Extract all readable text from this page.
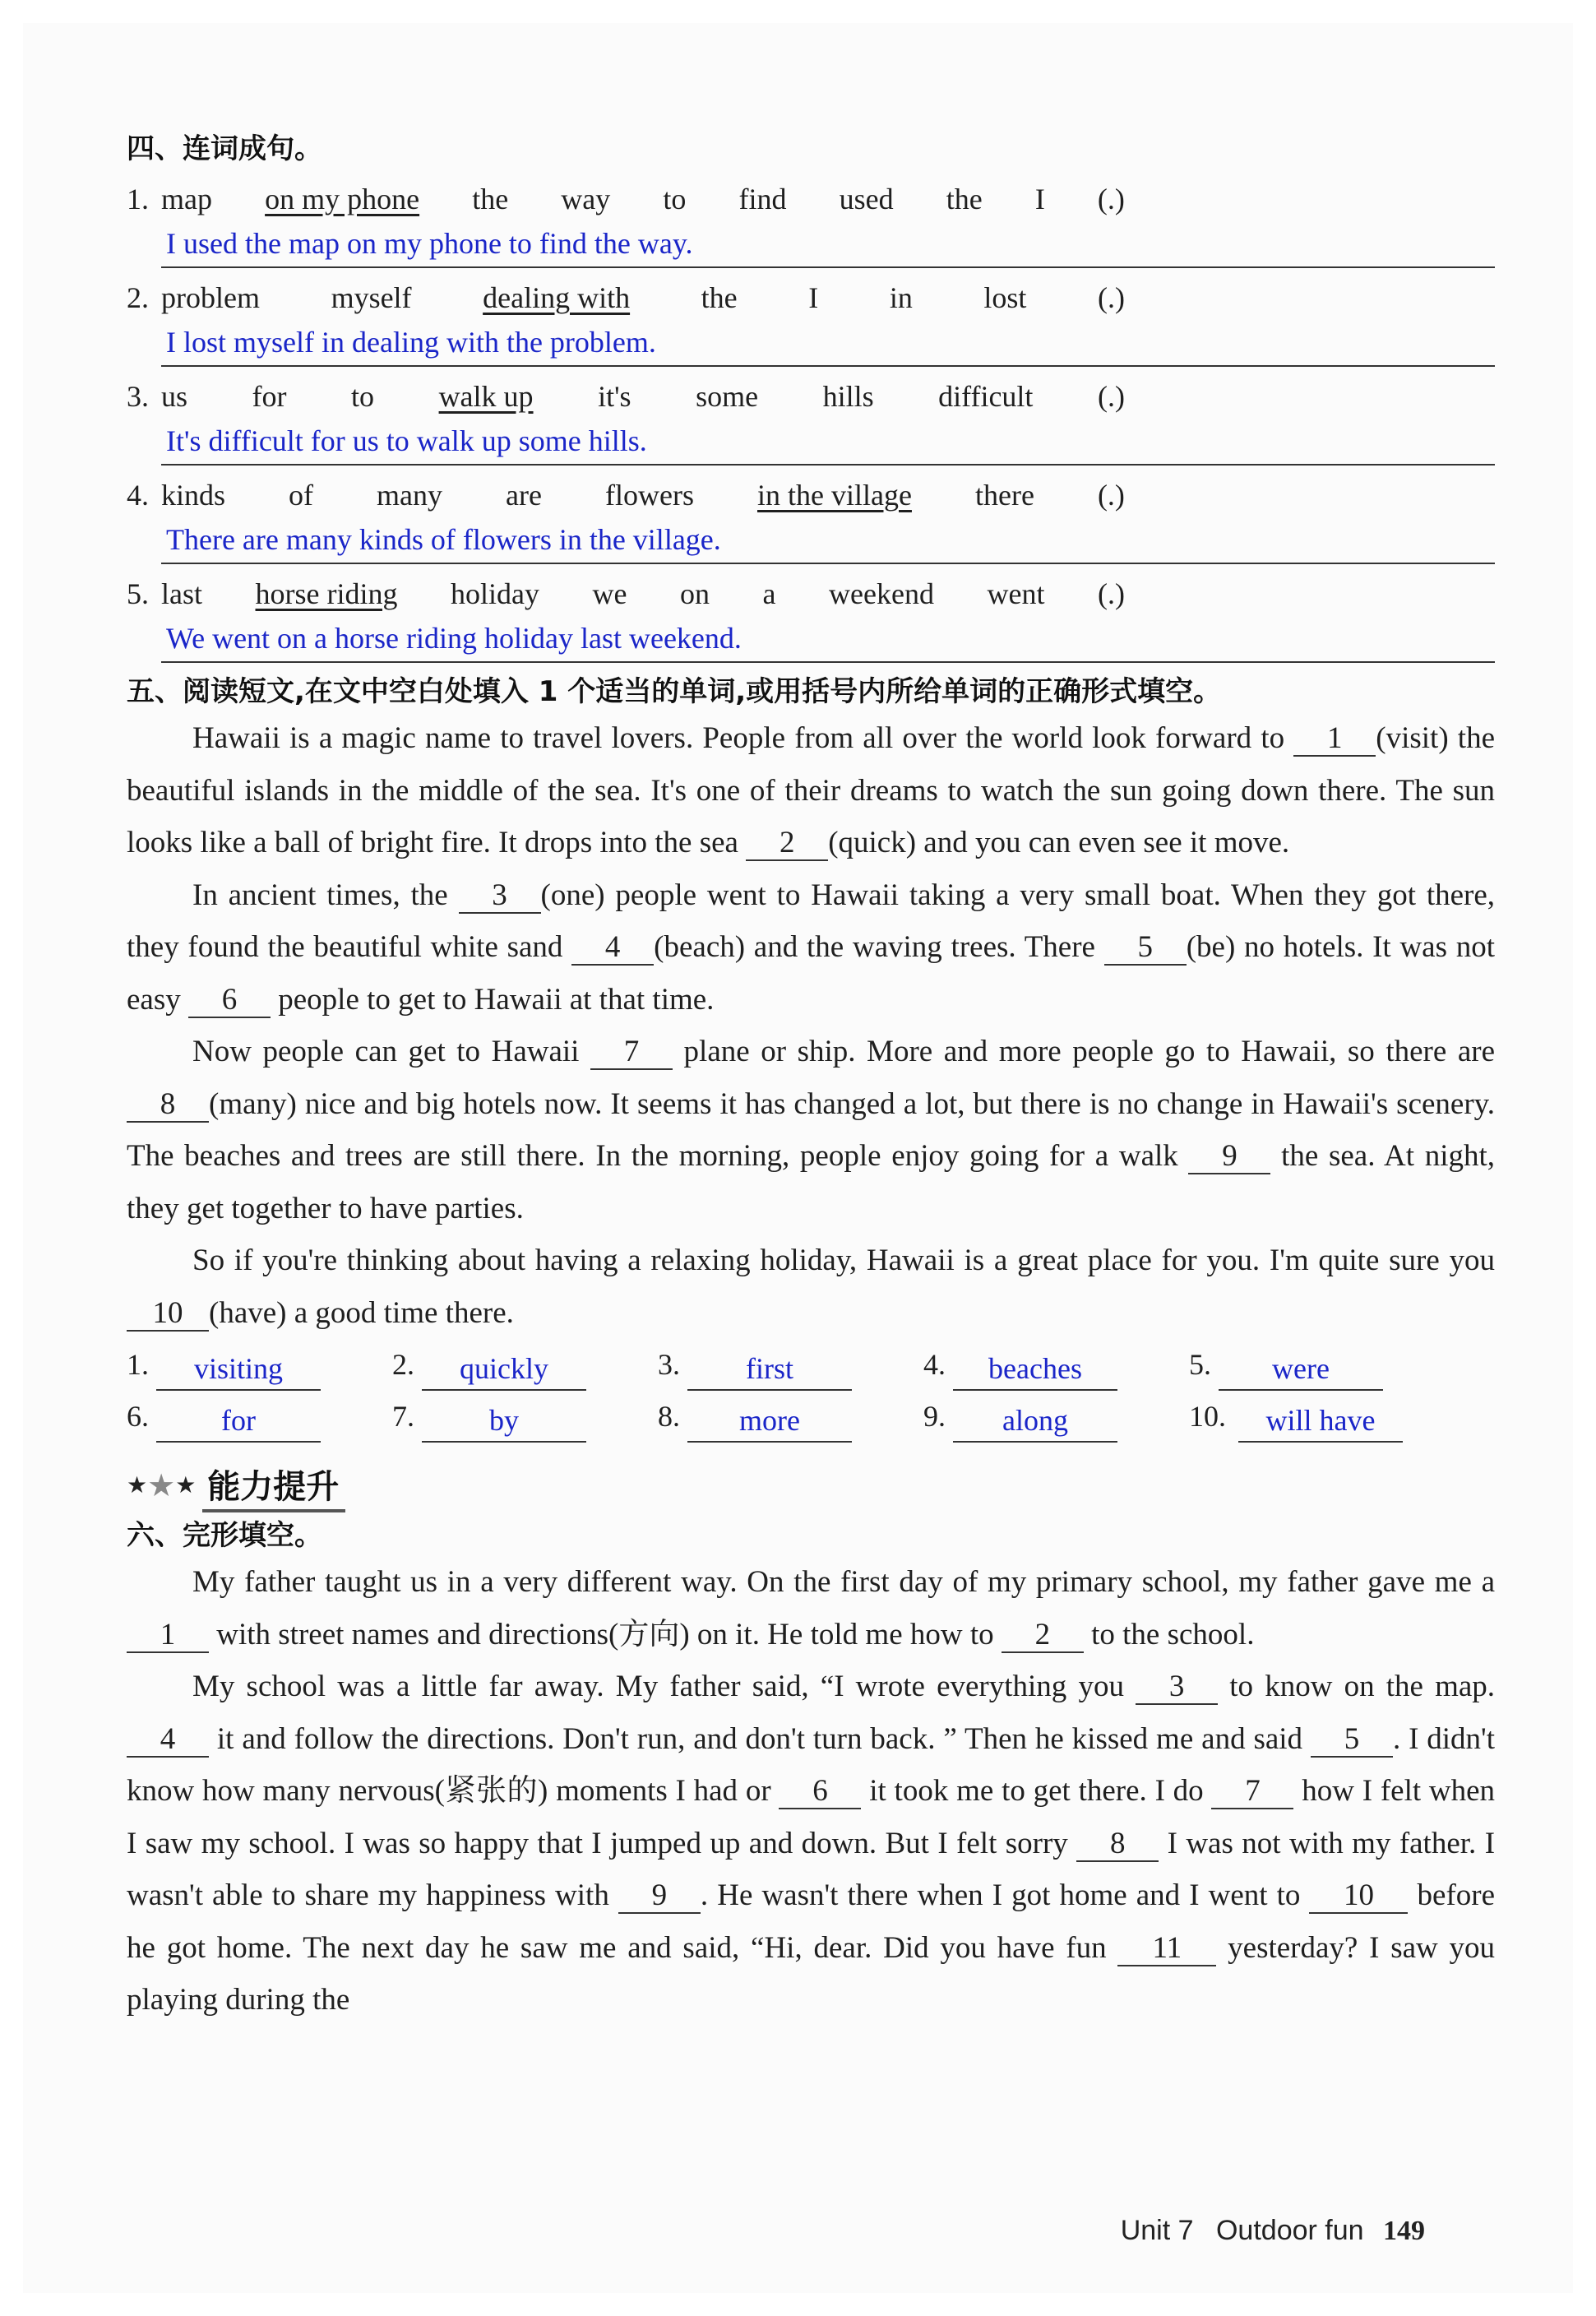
四、连词成句。
1. map on my phone the way to find used the I (.)
I used the map on my phone to find the way.
2. problem myself dealing with the I in lost (.)
I lost myself in dealing with the problem.
3. us for to walk up it's some hills difficult (.)
It's difficult for us to walk up some hills.
4. kinds of many are flowers in the village there (.)
There are many kinds of flowers in the village.
5. last horse riding holiday we on a weekend went (.)
We went on a horse riding holiday last weekend.
五、阅读短文,在文中空白处填入 1 个适当的单词,或用括号内所给单词的正确形式填空。
Hawaii is a magic name to travel lovers. People from all over the world look forward to 1 (visit) the beautiful islands in the middle of the sea. It's one of their dreams to watch the sun going down there. The sun looks like a ball of bright fire. It drops into the sea 2 (quick) and you can even see it move.
In ancient times, the 3 (one) people went to Hawaii taking a very small boat. When they got there, they found the beautiful white sand 4 (beach) and the waving trees. There 5 (be) no hotels. It was not easy 6 people to get to Hawaii at that time.
Now people can get to Hawaii 7 plane or ship. More and more people go to Hawaii, so there are 8 (many) nice and big hotels now. It seems it has changed a lot, but there is no change in Hawaii's scenery. The beaches and trees are still there. In the morning, people enjoy going for a walk 9 the sea. At night, they get together to have parties.
So if you're thinking about having a relaxing holiday, Hawaii is a great place for you. I'm quite sure you 10 (have) a good time there.
1.	visiting	2.	quickly	3.	first	4.	beaches	5.	were
6.	for	7.	by	8.	more	9.	along	10.	will have
★ ★ ★ 能力提升
六、完形填空。
My father taught us in a very different way. On the first day of my primary school, my father gave me a 1 with street names and directions(方向) on it. He told me how to 2 to the school.
My school was a little far away. My father said, “I wrote everything you 3 to know on the map. 4 it and follow the directions. Don't run, and don't turn back. ” Then he kissed me and said 5 . I didn't know how many nervous(紧张的) moments I had or 6 it took me to get there. I do 7 how I felt when I saw my school. I was so happy that I jumped up and down. But I felt sorry 8 I was not with my father. I wasn't able to share my happiness with 9 . He wasn't there when I got home and I went to 10 before he got home. The next day he saw me and said, “Hi, dear. Did you have fun 11 yesterday? I saw you playing during the
Unit 7 Outdoor fun 149
